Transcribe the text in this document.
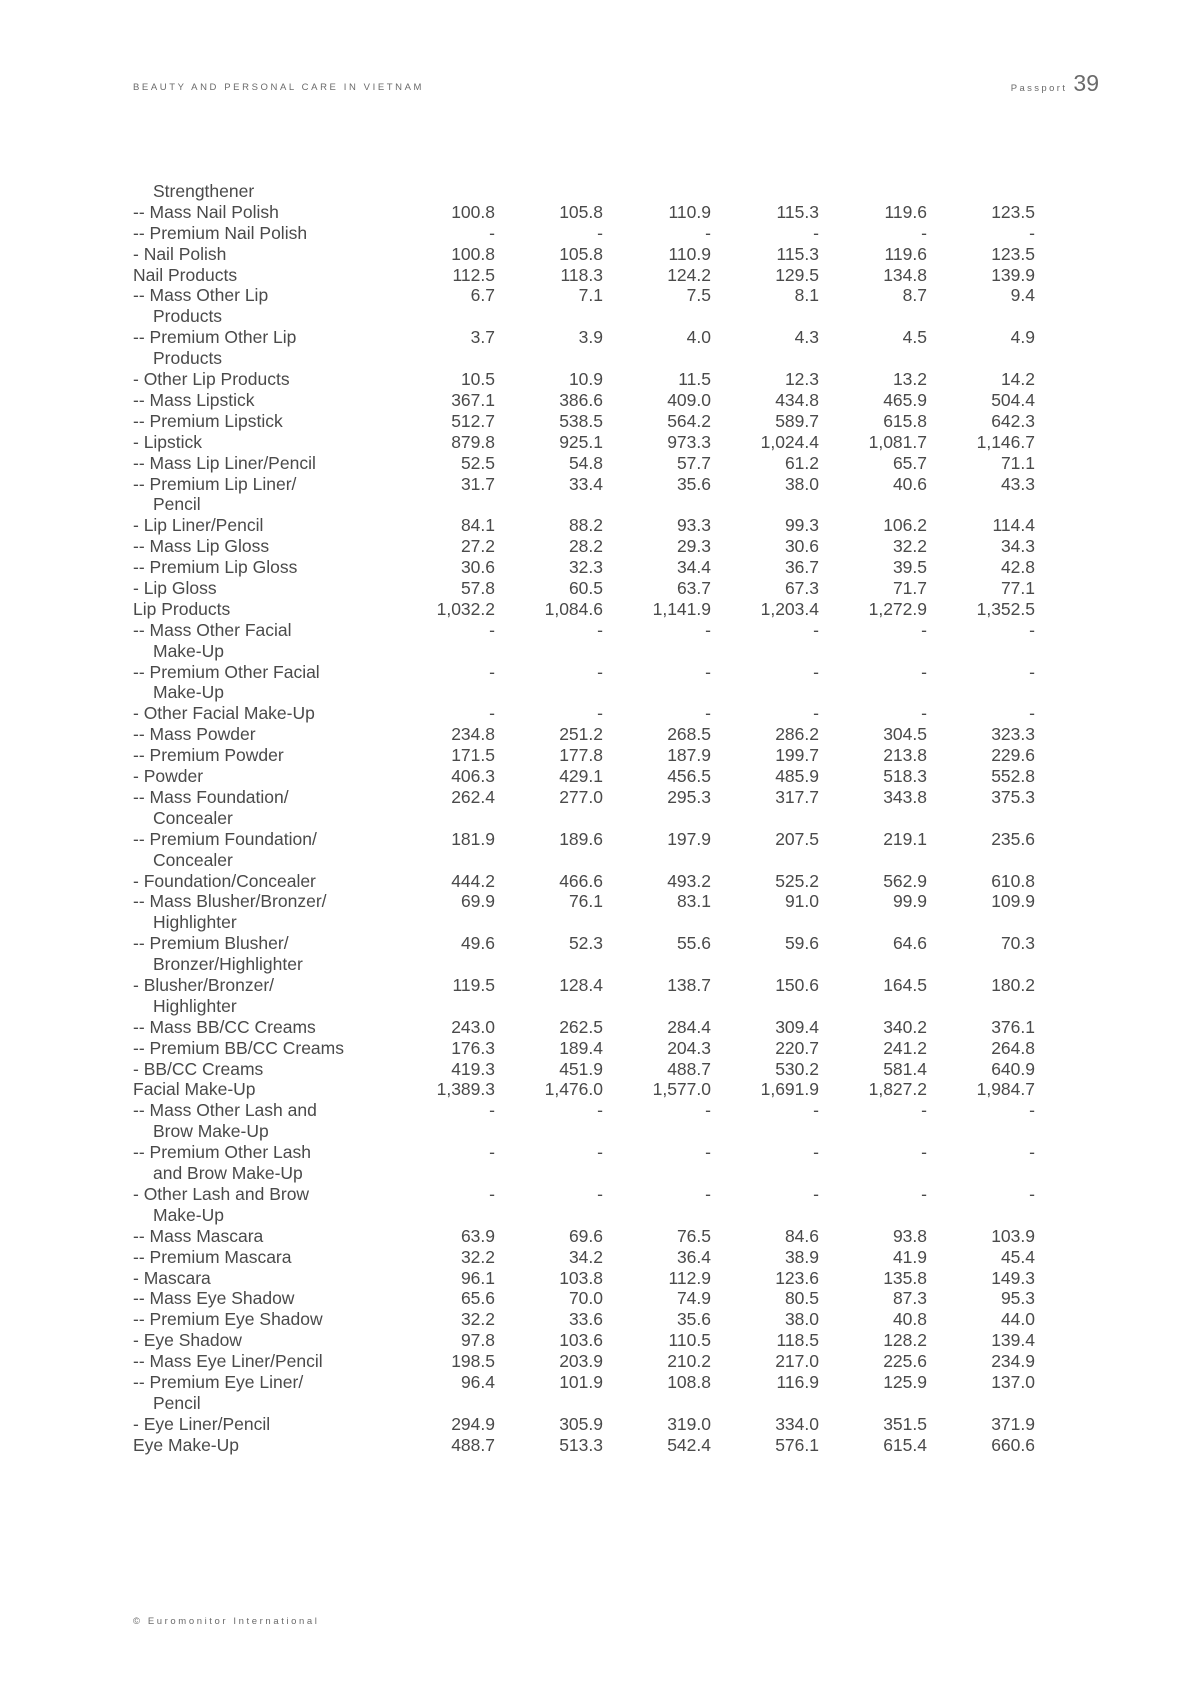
BEAUTY AND PERSONAL CARE IN VIETNAM	Passport 39
Strengthener
-- Mass Nail Polish	100.8	105.8	110.9	115.3	119.6	123.5
-- Premium Nail Polish	-	-	-	-	-	-
- Nail Polish	100.8	105.8	110.9	115.3	119.6	123.5
Nail Products	112.5	118.3	124.2	129.5	134.8	139.9
-- Mass Other Lip
Products
6.7	7.1	7.5	8.1	8.7	9.4
-- Premium Other Lip
Products
3.7	3.9	4.0	4.3	4.5	4.9
- Other Lip Products	10.5	10.9	11.5	12.3	13.2	14.2
-- Mass Lipstick	367.1	386.6	409.0	434.8	465.9	504.4
-- Premium Lipstick	512.7	538.5	564.2	589.7	615.8	642.3
- Lipstick	879.8	925.1	973.3	1,024.4	1,081.7	1,146.7
-- Mass Lip Liner/Pencil	52.5	54.8	57.7	61.2	65.7	71.1
-- Premium Lip Liner/
Pencil
31.7	33.4	35.6	38.0	40.6	43.3
- Lip Liner/Pencil	84.1	88.2	93.3	99.3	106.2	114.4
-- Mass Lip Gloss	27.2	28.2	29.3	30.6	32.2	34.3
-- Premium Lip Gloss	30.6	32.3	34.4	36.7	39.5	42.8
- Lip Gloss	57.8	60.5	63.7	67.3	71.7	77.1
Lip Products	1,032.2	1,084.6	1,141.9	1,203.4	1,272.9	1,352.5
-- Mass Other Facial
Make-Up
-	-	-	-	-	-
-- Premium Other Facial
Make-Up
-	-	-	-	-	-
- Other Facial Make-Up	-	-	-	-	-	-
-- Mass Powder	234.8	251.2	268.5	286.2	304.5	323.3
-- Premium Powder	171.5	177.8	187.9	199.7	213.8	229.6
- Powder	406.3	429.1	456.5	485.9	518.3	552.8
-- Mass Foundation/
Concealer
262.4	277.0	295.3	317.7	343.8	375.3
-- Premium Foundation/
Concealer
181.9	189.6	197.9	207.5	219.1	235.6
- Foundation/Concealer	444.2	466.6	493.2	525.2	562.9	610.8
-- Mass Blusher/Bronzer/
Highlighter
69.9	76.1	83.1	91.0	99.9	109.9
-- Premium Blusher/
Bronzer/Highlighter
49.6	52.3	55.6	59.6	64.6	70.3
- Blusher/Bronzer/
Highlighter
119.5	128.4	138.7	150.6	164.5	180.2
-- Mass BB/CC Creams	243.0	262.5	284.4	309.4	340.2	376.1
-- Premium BB/CC Creams	176.3	189.4	204.3	220.7	241.2	264.8
- BB/CC Creams	419.3	451.9	488.7	530.2	581.4	640.9
Facial Make-Up	1,389.3	1,476.0	1,577.0	1,691.9	1,827.2	1,984.7
-- Mass Other Lash and
Brow Make-Up
-	-	-	-	-	-
-- Premium Other Lash
and Brow Make-Up
-	-	-	-	-	-
- Other Lash and Brow
Make-Up
-	-	-	-	-	-
-- Mass Mascara	63.9	69.6	76.5	84.6	93.8	103.9
-- Premium Mascara	32.2	34.2	36.4	38.9	41.9	45.4
- Mascara	96.1	103.8	112.9	123.6	135.8	149.3
-- Mass Eye Shadow	65.6	70.0	74.9	80.5	87.3	95.3
-- Premium Eye Shadow	32.2	33.6	35.6	38.0	40.8	44.0
- Eye Shadow	97.8	103.6	110.5	118.5	128.2	139.4
-- Mass Eye Liner/Pencil	198.5	203.9	210.2	217.0	225.6	234.9
-- Premium Eye Liner/
Pencil
96.4	101.9	108.8	116.9	125.9	137.0
- Eye Liner/Pencil	294.9	305.9	319.0	334.0	351.5	371.9
Eye Make-Up	488.7	513.3	542.4	576.1	615.4	660.6
© Euromonitor International
